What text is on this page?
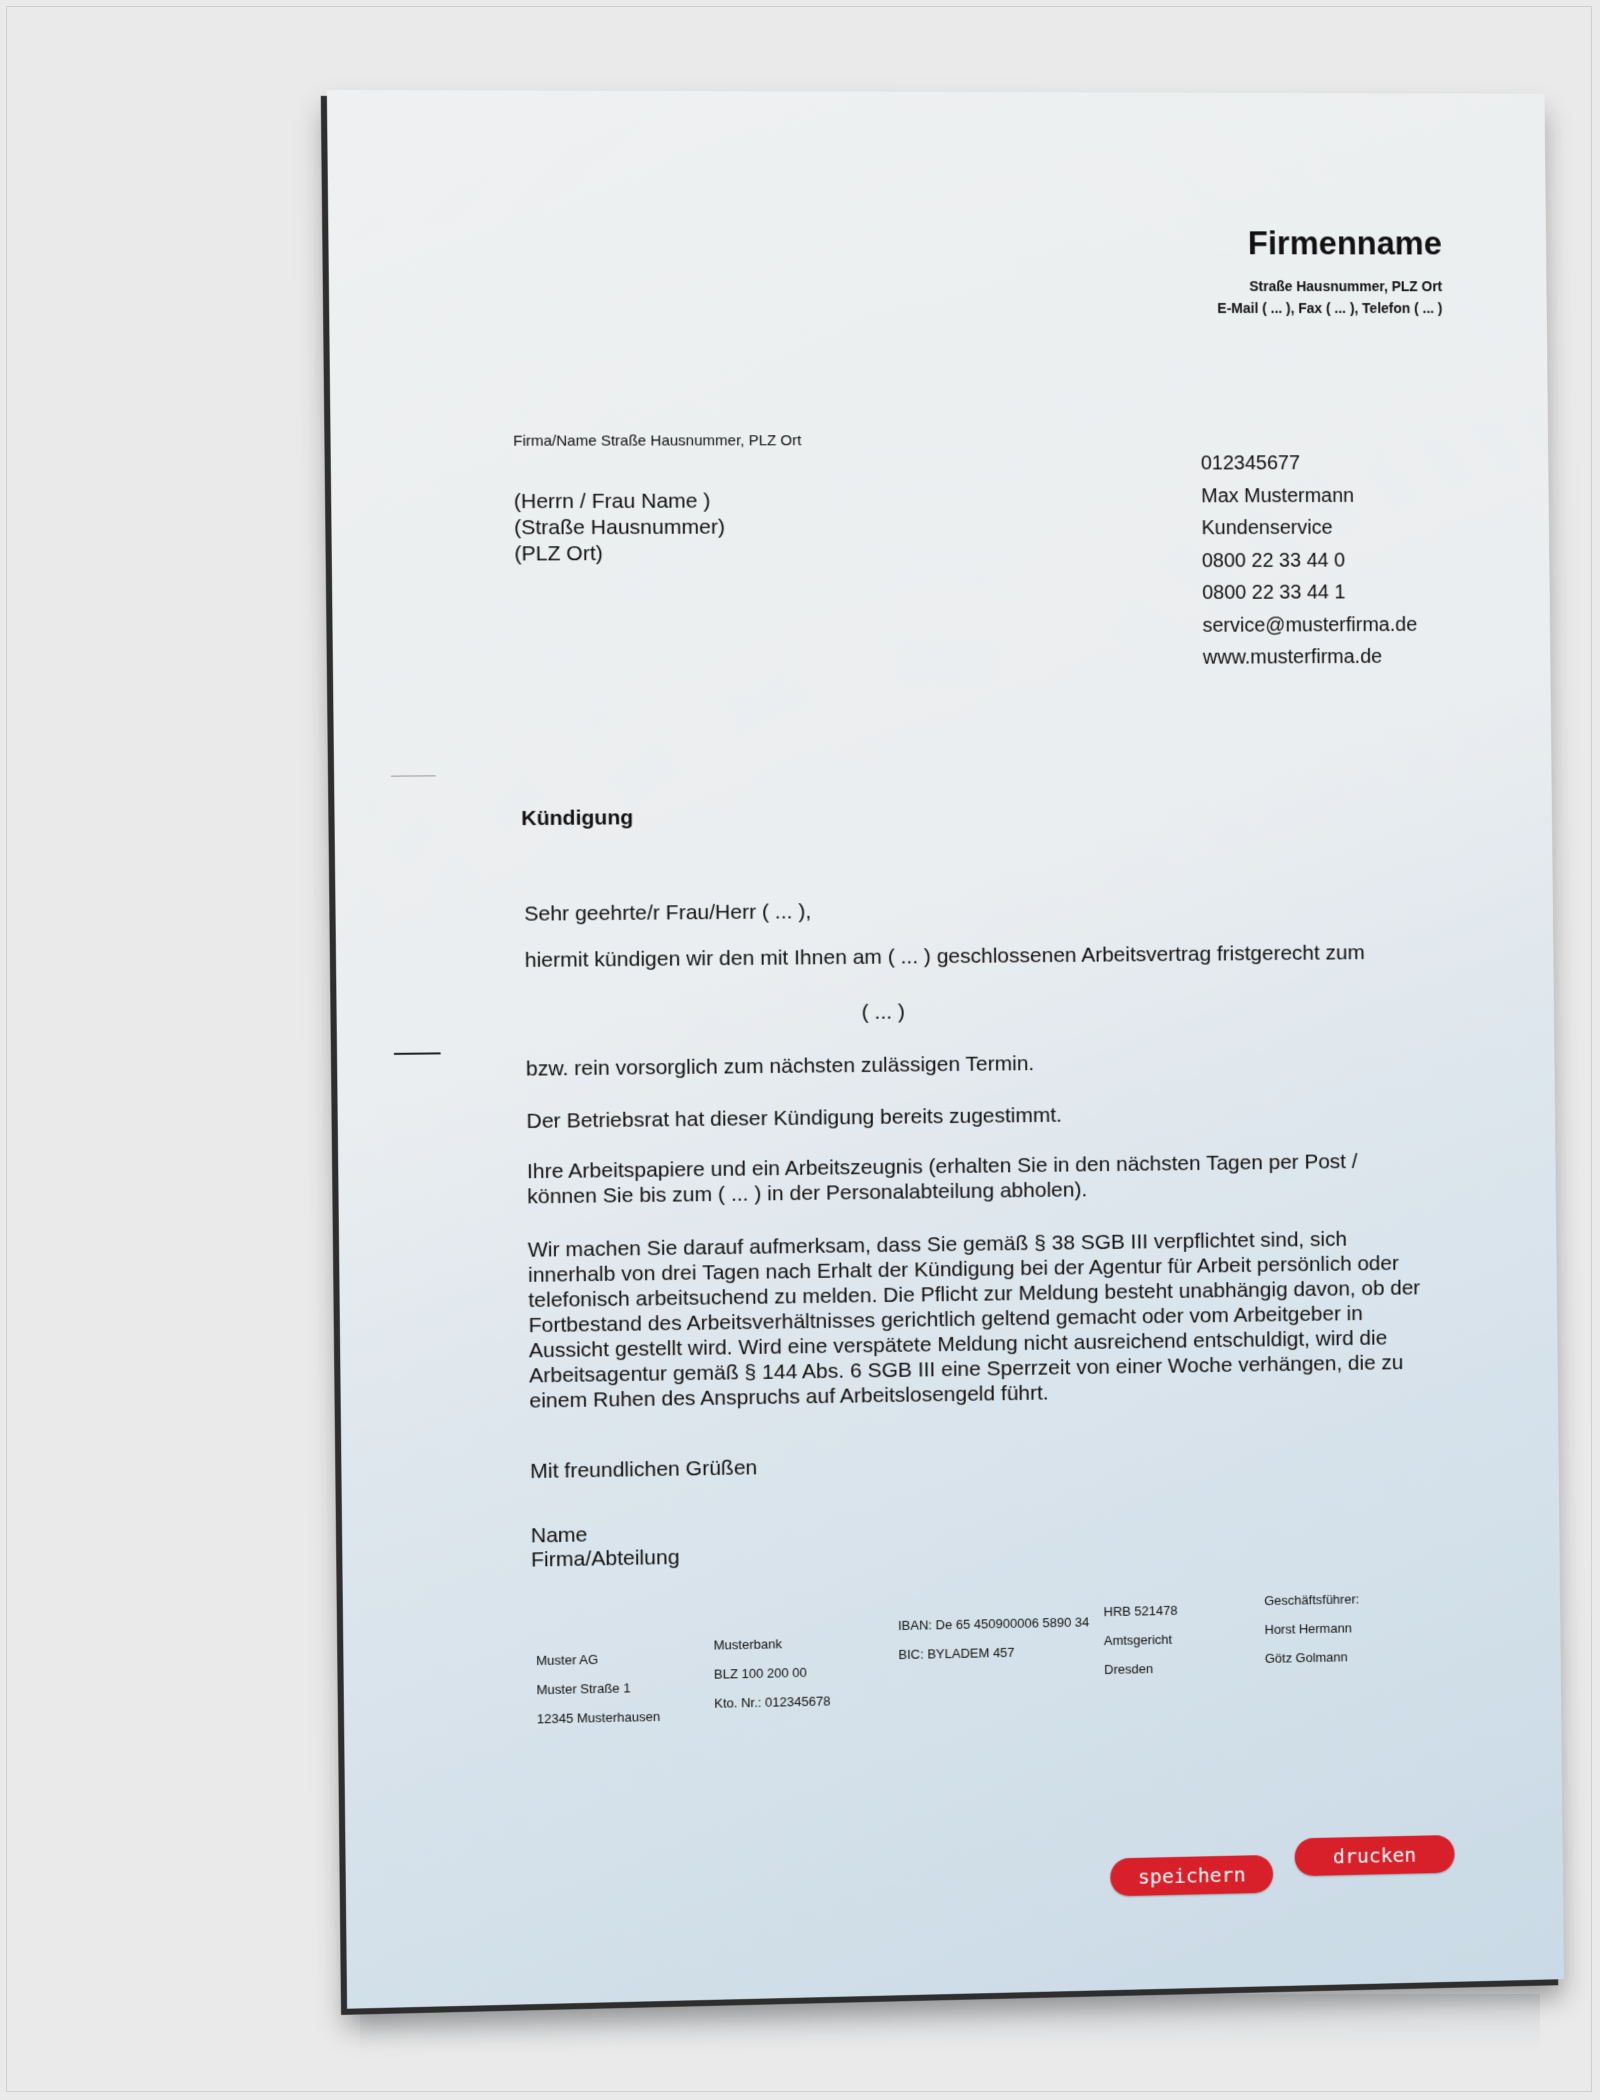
Firmenname
Straße Hausnummer, PLZ Ort
E-Mail ( ... ), Fax ( ... ), Telefon ( ... )
Firma/Name Straße Hausnummer, PLZ Ort
(Herrn / Frau Name )
(Straße Hausnummer)
(PLZ Ort)
012345677
Max Mustermann
Kundenservice
0800 22 33 44 0
0800 22 33 44 1
service@musterfirma.de
www.musterfirma.de
Kündigung
Sehr geehrte/r Frau/Herr ( ... ),
hiermit kündigen wir den mit Ihnen am ( ... ) geschlossenen Arbeitsvertrag fristgerecht zum
( ... )
bzw. rein vorsorglich zum nächsten zulässigen Termin.
Der Betriebsrat hat dieser Kündigung bereits zugestimmt.
Ihre Arbeitspapiere und ein Arbeitszeugnis (erhalten Sie in den nächsten Tagen per Post / können Sie bis zum ( ... ) in der Personalabteilung abholen).
Wir machen Sie darauf aufmerksam, dass Sie gemäß § 38 SGB III verpflichtet sind, sich innerhalb von drei Tagen nach Erhalt der Kündigung bei der Agentur für Arbeit persönlich oder telefonisch arbeitsuchend zu melden. Die Pflicht zur Meldung besteht unabhängig davon, ob der Fortbestand des Arbeitsverhältnisses gerichtlich geltend gemacht oder vom Arbeitgeber in Aussicht gestellt wird. Wird eine verspätete Meldung nicht ausreichend entschuldigt, wird die Arbeitsagentur gemäß § 144 Abs. 6 SGB III eine Sperrzeit von einer Woche verhängen, die zu einem Ruhen des Anspruchs auf Arbeitslosengeld führt.
Mit freundlichen Grüßen
Name
Firma/Abteilung
Muster AG
Muster Straße 1
12345 Musterhausen
Musterbank
BLZ 100 200 00
Kto. Nr.: 012345678
IBAN: De 65 450900006 5890 34
BIC: BYLADEM 457
HRB 521478
Amtsgericht
Dresden
Geschäftsführer:
Horst Hermann
Götz Golmann
speichern
drucken
